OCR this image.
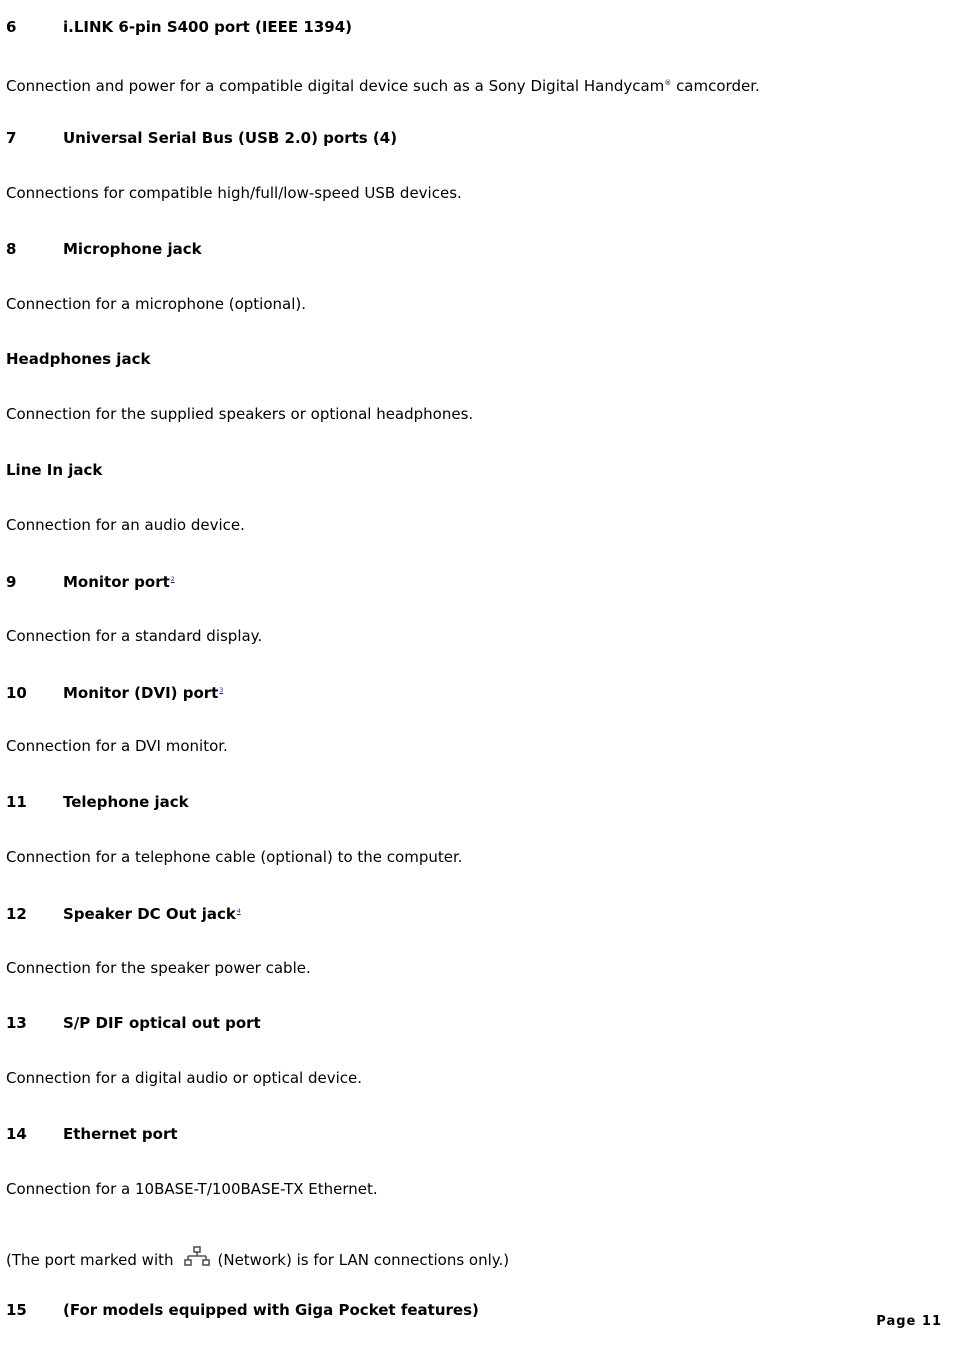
6	i.LINK 6-pin S400 port (IEEE 1394)
Connection and power for a compatible digital device such as a Sony Digital Handycam® camcorder.
7	Universal Serial Bus (USB 2.0) ports (4)
Connections for compatible high/full/low-speed USB devices.
8	Microphone jack
Connection for a microphone (optional).
Headphones jack
Connection for the supplied speakers or optional headphones.
Line In jack
Connection for an audio device.
9	Monitor port$^2$
Connection for a standard display.
10 Monitor (DVI) port$^3$
Connection for a DVI monitor.
11 Telephone jack
Connection for a telephone cable (optional) to the computer.
12 Speaker DC Out jack$^4$
Connection for the speaker power cable.
13 S/P DIF optical out port
Connection for a digital audio or optical device.
14 Ethernet port
Connection for a 10BASE-T/100BASE-TX Ethernet.
(The port marked with	(Network) is for LAN connections only.)
15 (For models equipped with Giga Pocket features)
Page 11
